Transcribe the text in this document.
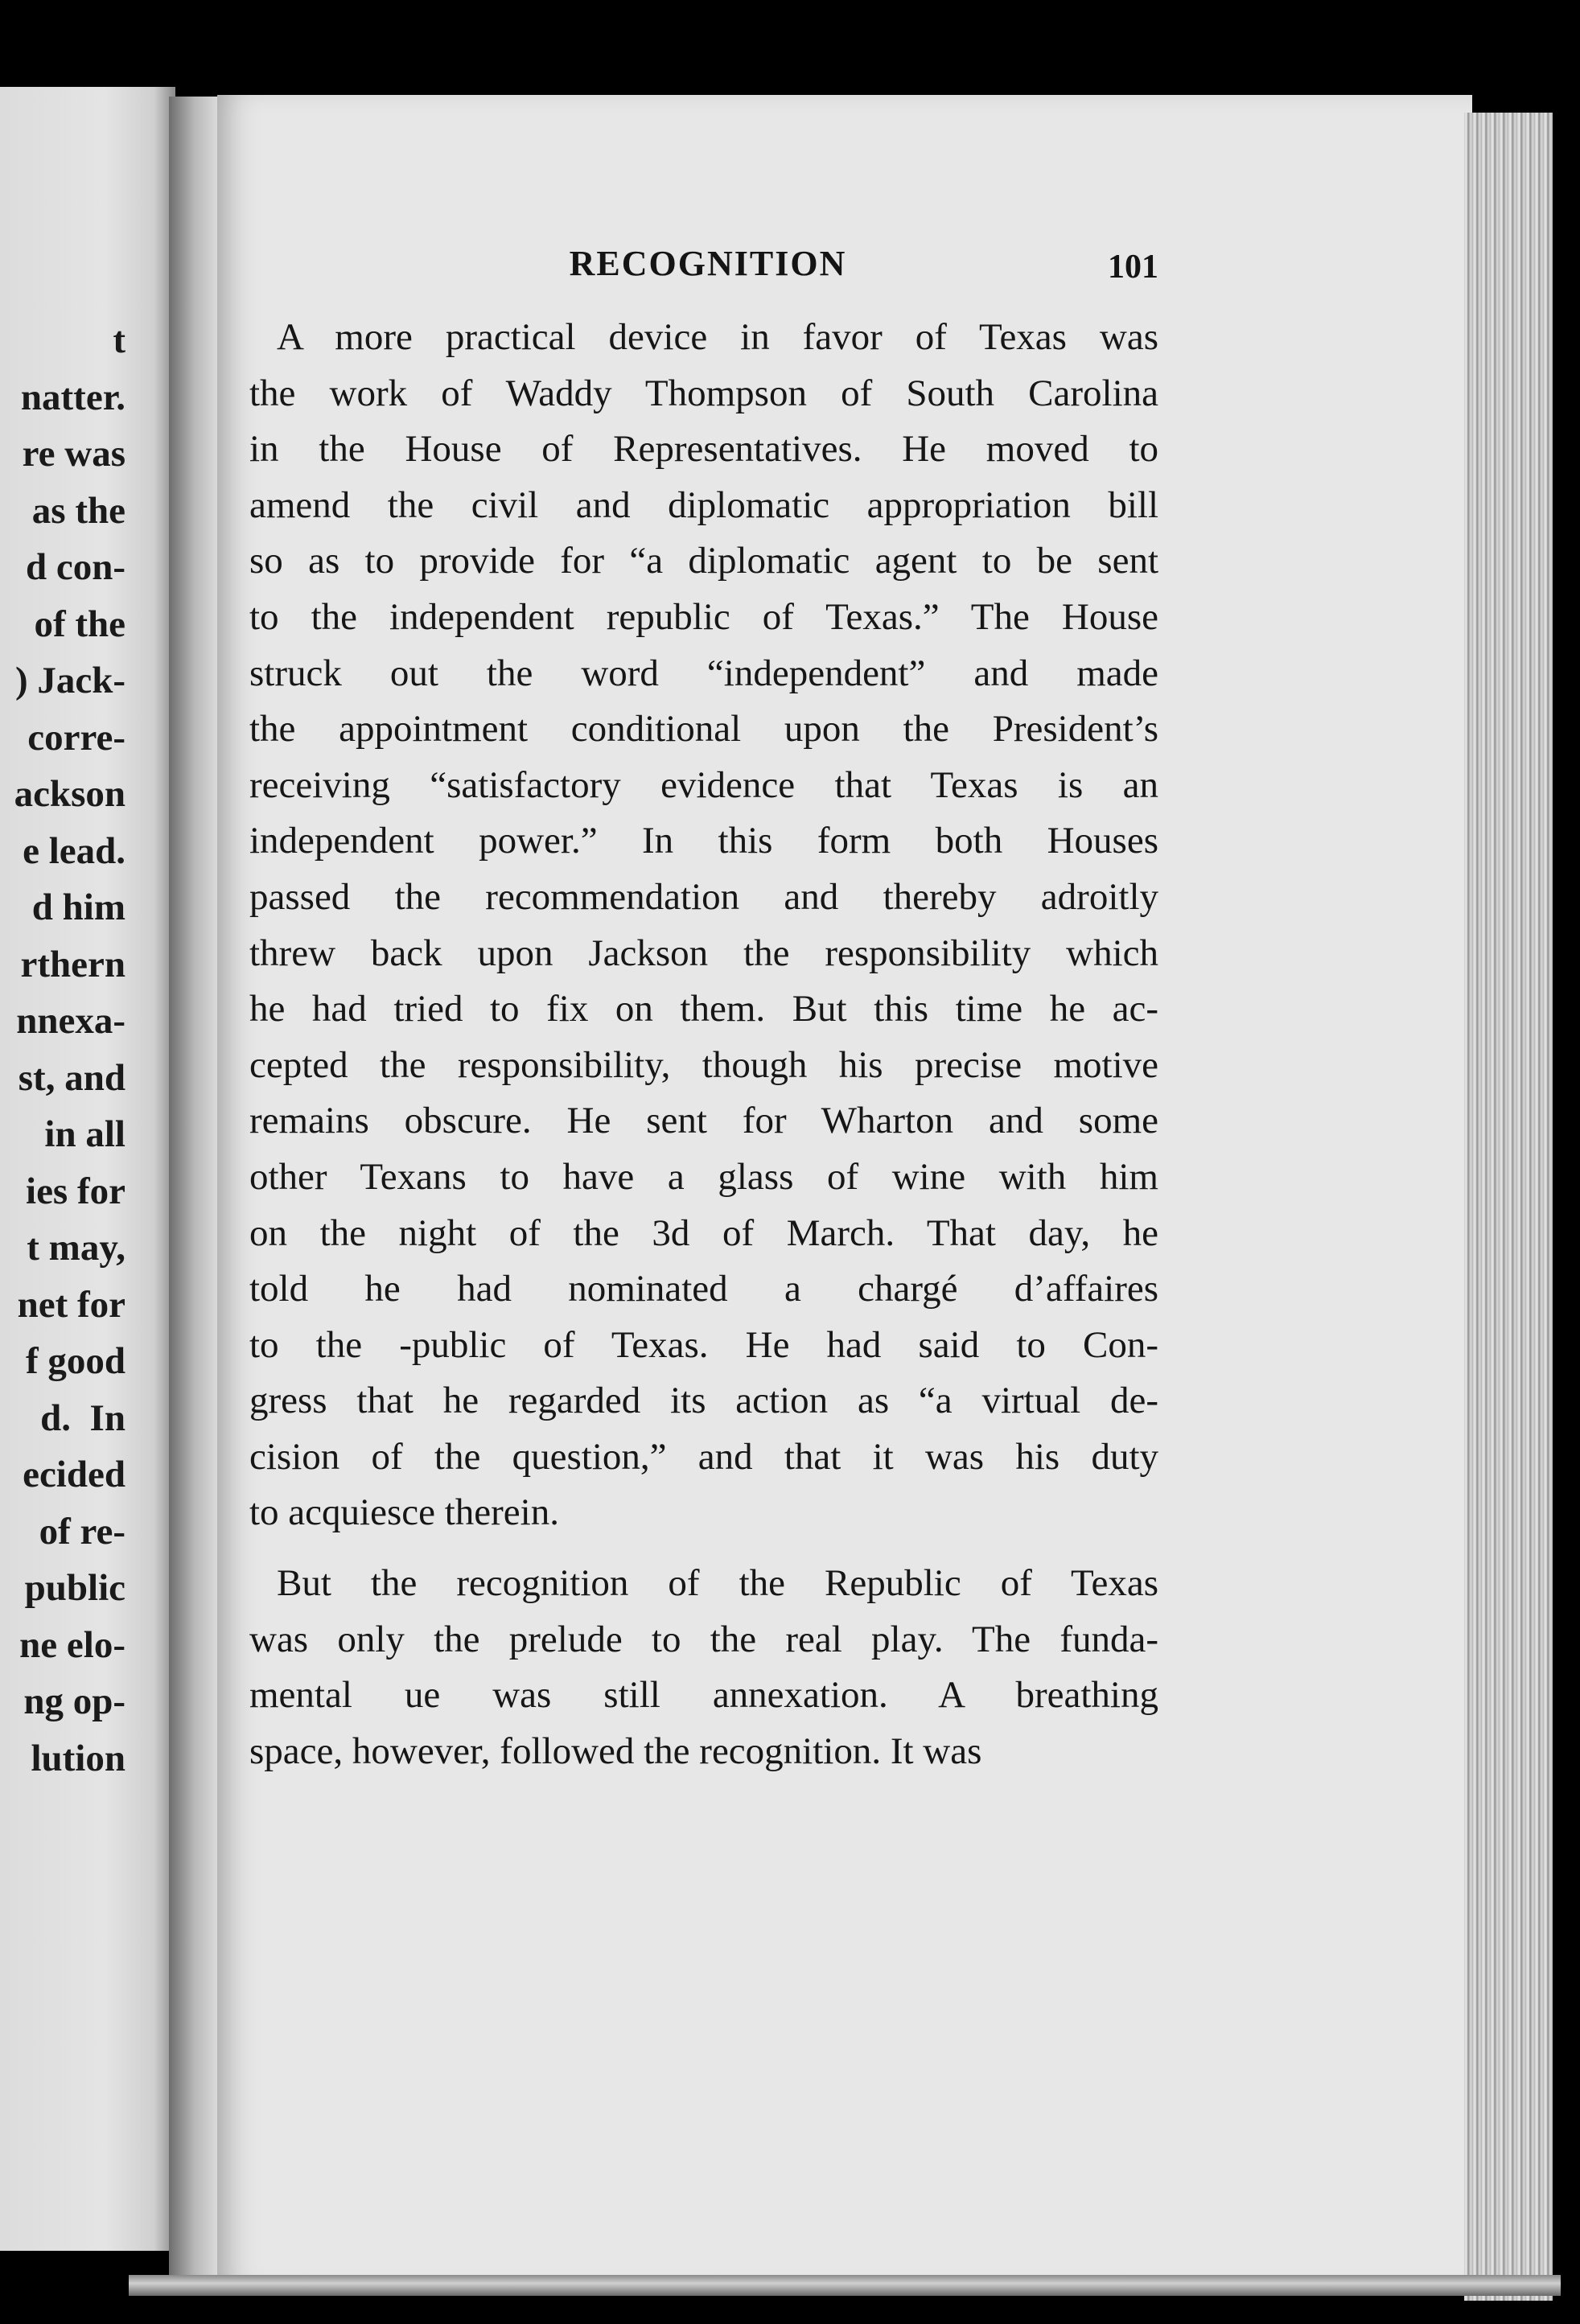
t
natter.
re was
as the
d con-
of the
) Jack-
corre-
ackson
e lead.
d him
rthern
nnexa-
st, and
in all
ies for
t may,
net for
f good
d.  In
ecided
of re-
public
ne elo-
ng op-
lution
RECOGNITION	101
A more practical device in favor of Texas was
the work of Waddy Thompson of South Carolina
in the House of Representatives. He moved to
amend the civil and diplomatic appropriation bill
so as to provide for “a diplomatic agent to be sent
to the independent republic of Texas.” The House
struck out the word “independent” and made
the appointment conditional upon the President’s
receiving “satisfactory evidence that Texas is an
independent power.” In this form both Houses
passed the recommendation and thereby adroitly
threw back upon Jackson the responsibility which
he had tried to fix on them. But this time he ac-
cepted the responsibility, though his precise motive
remains obscure. He sent for Wharton and some
other Texans to have a glass of wine with him
on the night of the 3d of March. That day, he
told he had nominated a chargé d’affaires
to the -public of Texas. He had said to Con-
gress that he regarded its action as “a virtual de-
cision of the question,” and that it was his duty
to acquiesce therein.
But the recognition of the Republic of Texas
was only the prelude to the real play. The funda-
mental ue was still annexation. A breathing
space, however, followed the recognition. It was
